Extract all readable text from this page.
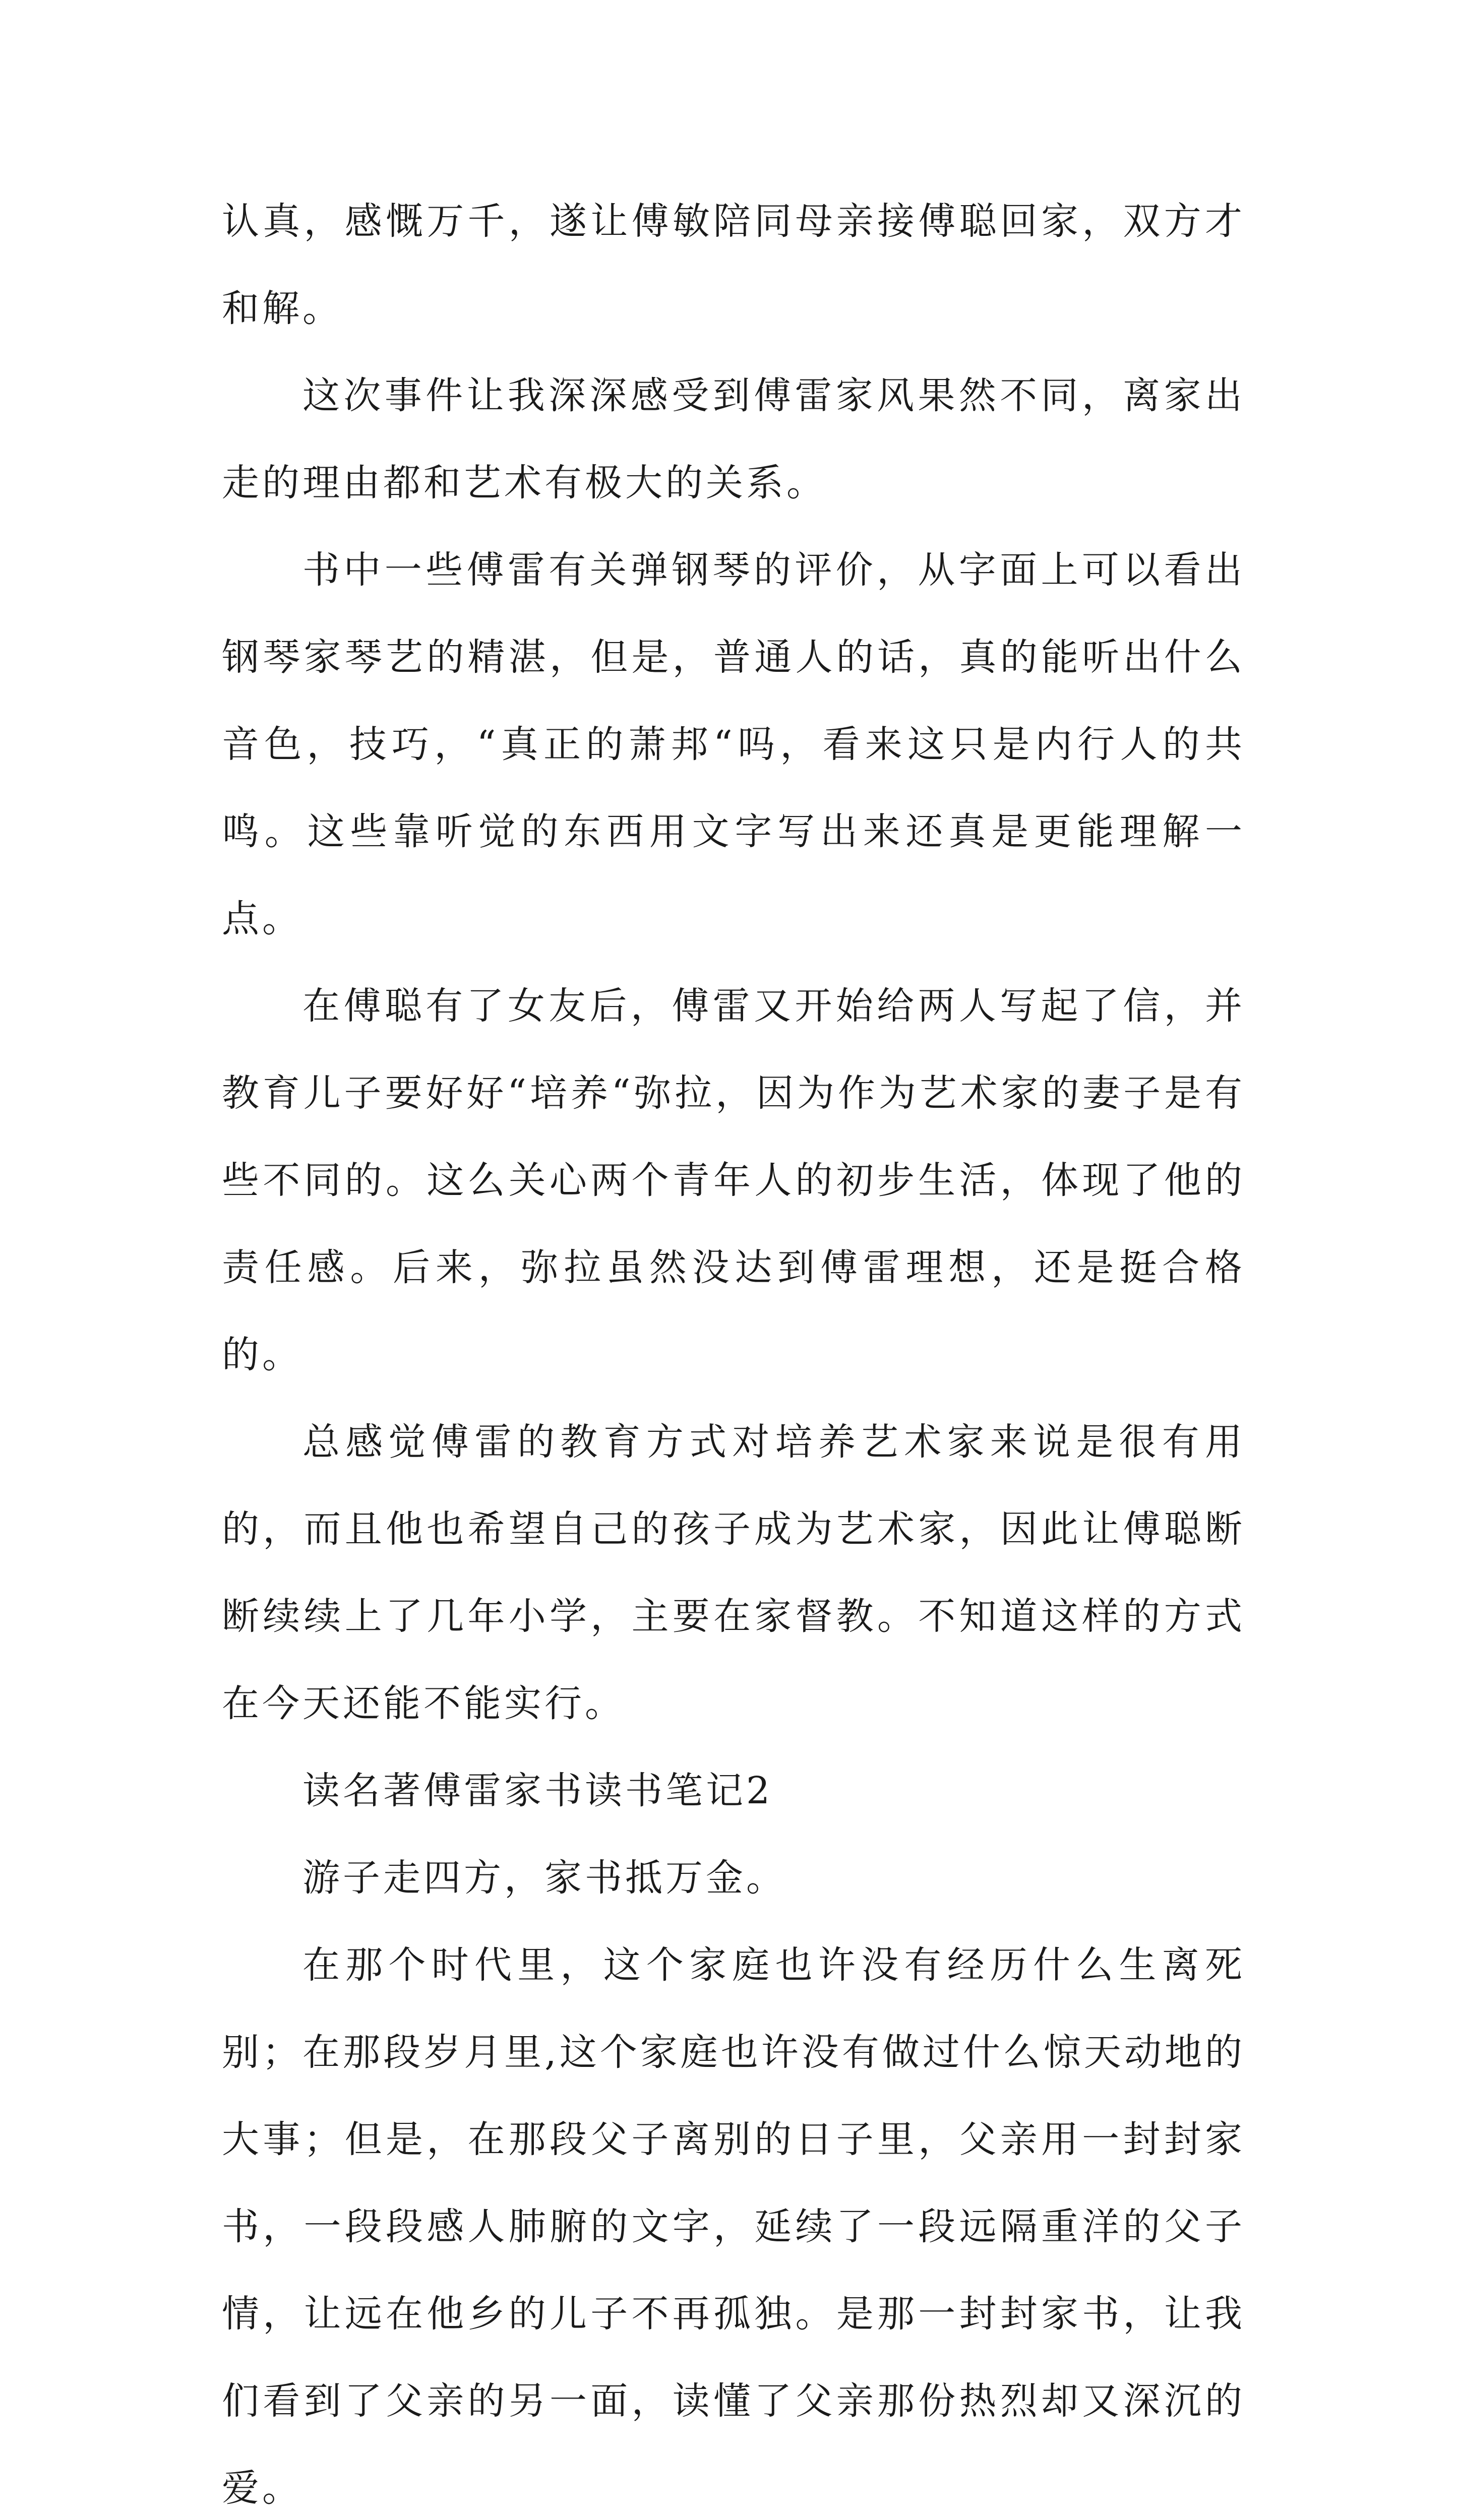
认真，感慨万千，遂让傅敏陪同母亲接傅聪回家，双方才和解。

这次事件让我深深感受到傅雷家风果然不同，离家出走的理由都和艺术有极大的关系。

书中一些傅雷有关弹钢琴的评价，从字面上可以看出钢琴家琴艺的精湛，但是，普通人的话，真的能听出什么音色，技巧，“真正的萧邦“吗，看来这只是内行人的共鸣。这些靠听觉的东西用文字写出来还真是更能理解一点。

在傅聪有了女友后，傅雷又开始给两人写起了信，并教育儿子要好好“培养“弥拉，因为作为艺术家的妻子是有些不同的。这么关心两个青年人的初步生活，体现了他的责任感。后来，弥拉虽然没达到傅雷理想，还是挺合格的。

总感觉傅雷的教育方式对培养艺术家来说是很有用的，而且他也希望自己的孩子成为艺术家，因此让傅聪断断续续上了几年小学，主要在家督教。不知道这样的方式在今天还能不能实行。

读名著傅雷家书读书笔记2

游子走四方，家书抵万金。

在那个时代里，这个家庭也许没有经历什么生离死别；在那段岁月里,这个家庭也许没有做过什么惊天动地的大事；但是，在那段父子离别的日子里，父亲用一封封家书，一段段感人肺腑的文字，延续了一段远隔重洋的父子情，让远在他乡的儿子不再孤独。是那一封封家书，让我们看到了父亲的另一面，读懂了父亲那份热烈却又深沉的爱。
